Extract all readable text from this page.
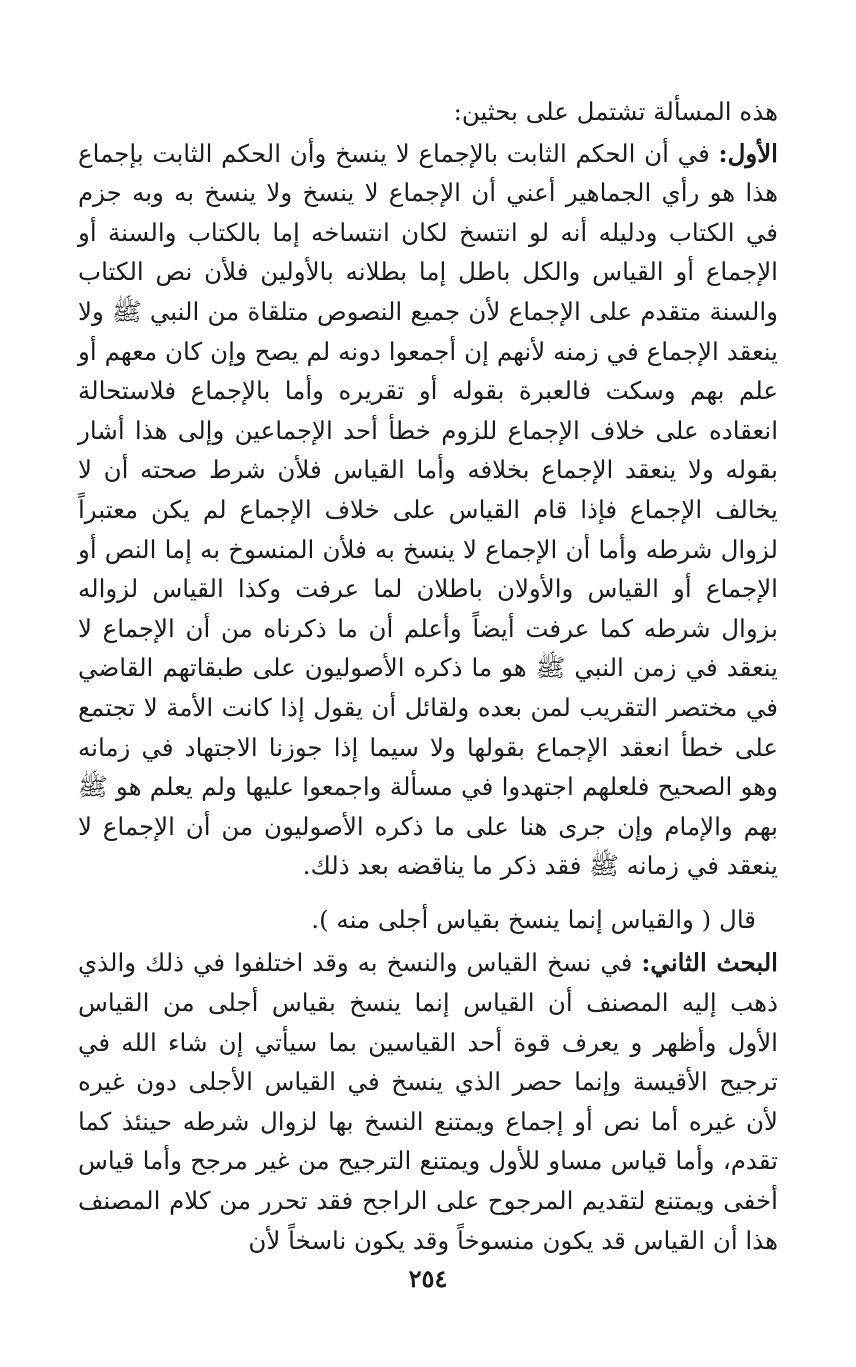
هذه المسألة تشتمل على بحثين:

الأول: في أن الحكم الثابت بالإجماع لا ينسخ وأن الحكم الثابت بإجماع هذا هو رأي الجماهير أعني أن الإجماع لا ينسخ ولا ينسخ به وبه جزم في الكتاب ودليله أنه لو انتسخ لكان انتساخه إما بالكتاب والسنة أو الإجماع أو القياس والكل باطل إما بطلانه بالأولين فلأن نص الكتاب والسنة متقدم على الإجماع لأن جميع النصوص متلقاة من النبي ﷺ ولا ينعقد الإجماع في زمنه لأنهم إن أجمعوا دونه لم يصح وإن كان معهم أو علم بهم وسكت فالعبرة بقوله أو تقريره وأما بالإجماع فلاستحالة انعقاده على خلاف الإجماع للزوم خطأ أحد الإجماعين وإلى هذا أشار بقوله ولا ينعقد الإجماع بخلافه وأما القياس فلأن شرط صحته أن لا يخالف الإجماع فإذا قام القياس على خلاف الإجماع لم يكن معتبراً لزوال شرطه وأما أن الإجماع لا ينسخ به فلأن المنسوخ به إما النص أو الإجماع أو القياس والأولان باطلان لما عرفت وكذا القياس لزواله بزوال شرطه كما عرفت أيضاً وأعلم أن ما ذكرناه من أن الإجماع لا ينعقد في زمن النبي ﷺ هو ما ذكره الأصوليون على طبقاتهم القاضي في مختصر التقريب لمن بعده ولقائل أن يقول إذا كانت الأمة لا تجتمع على خطأ انعقد الإجماع بقولها ولا سيما إذا جوزنا الاجتهاد في زمانه وهو الصحيح فلعلهم اجتهدوا في مسألة واجمعوا عليها ولم يعلم هو ﷺ بهم والإمام وإن جرى هنا على ما ذكره الأصوليون من أن الإجماع لا ينعقد في زمانه ﷺ فقد ذكر ما يناقضه بعد ذلك.

قال ( والقياس إنما ينسخ بقياس أجلى منه ).

البحث الثاني: في نسخ القياس والنسخ به وقد اختلفوا في ذلك والذي ذهب إليه المصنف أن القياس إنما ينسخ بقياس أجلى من القياس الأول وأظهر و يعرف قوة أحد القياسين بما سيأتي إن شاء الله في ترجيح الأقيسة وإنما حصر الذي ينسخ في القياس الأجلى دون غيره لأن غيره أما نص أو إجماع ويمتنع النسخ بها لزوال شرطه حينئذ كما تقدم، وأما قياس مساو للأول ويمتنع الترجيح من غير مرجح وأما قياس أخفى ويمتنع لتقديم المرجوح على الراجح فقد تحرر من كلام المصنف هذا أن القياس قد يكون منسوخاً وقد يكون ناسخاً لأن

٢٥٤
